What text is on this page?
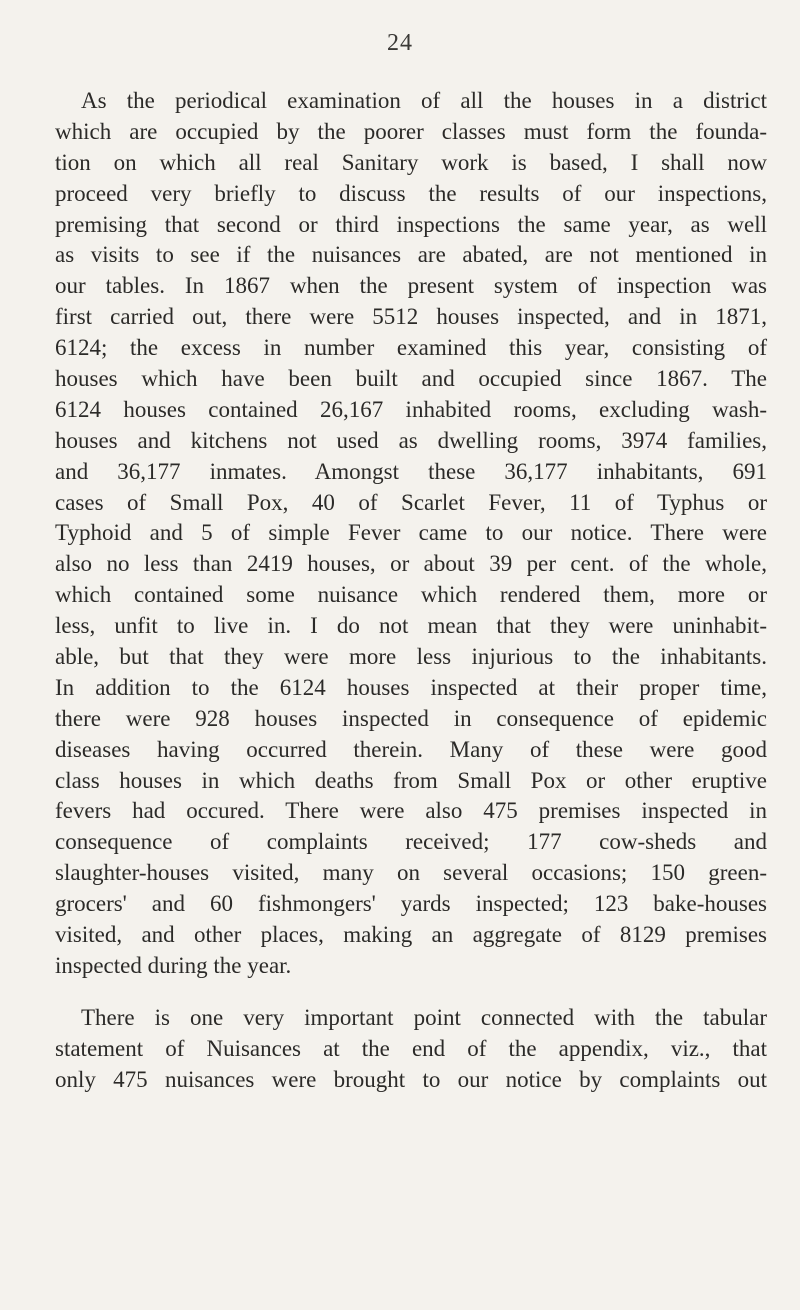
24
As the periodical examination of all the houses in a district
which are occupied by the poorer classes must form the founda-
tion on which all real Sanitary work is based, I shall now
proceed very briefly to discuss the results of our inspections,
premising that second or third inspections the same year, as well
as visits to see if the nuisances are abated, are not mentioned in
our tables. In 1867 when the present system of inspection was
first carried out, there were 5512 houses inspected, and in 1871,
6124; the excess in number examined this year, consisting of
houses which have been built and occupied since 1867. The
6124 houses contained 26,167 inhabited rooms, excluding wash-
houses and kitchens not used as dwelling rooms, 3974 families,
and 36,177 inmates. Amongst these 36,177 inhabitants, 691
cases of Small Pox, 40 of Scarlet Fever, 11 of Typhus or
Typhoid and 5 of simple Fever came to our notice. There were
also no less than 2419 houses, or about 39 per cent. of the whole,
which contained some nuisance which rendered them, more or
less, unfit to live in. I do not mean that they were uninhabit-
able, but that they were more less injurious to the inhabitants.
In addition to the 6124 houses inspected at their proper time,
there were 928 houses inspected in consequence of epidemic
diseases having occurred therein. Many of these were good
class houses in which deaths from Small Pox or other eruptive
fevers had occured. There were also 475 premises inspected in
consequence of complaints received; 177 cow-sheds and
slaughter-houses visited, many on several occasions; 150 green-
grocers' and 60 fishmongers' yards inspected; 123 bake-houses
visited, and other places, making an aggregate of 8129 premises
inspected during the year.
There is one very important point connected with the tabular
statement of Nuisances at the end of the appendix, viz., that
only 475 nuisances were brought to our notice by complaints out
